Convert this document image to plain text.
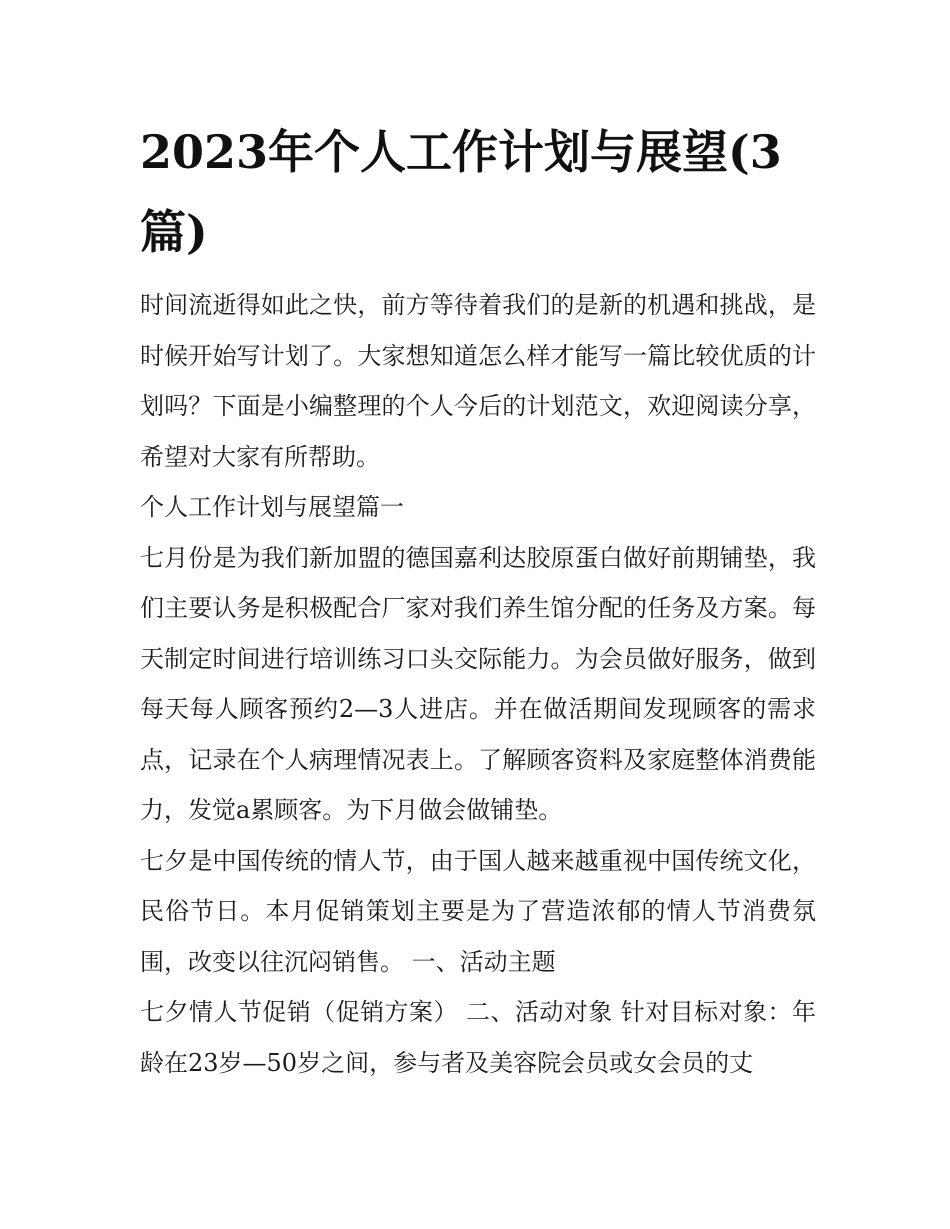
2023年个人工作计划与展望(3篇)

时间流逝得如此之快，前方等待着我们的是新的机遇和挑战，是时候开始写计划了。大家想知道怎么样才能写一篇比较优质的计划吗？下面是小编整理的个人今后的计划范文，欢迎阅读分享，希望对大家有所帮助。

个人工作计划与展望篇一

七月份是为我们新加盟的德国嘉利达胶原蛋白做好前期铺垫，我们主要认务是积极配合厂家对我们养生馆分配的任务及方案。每天制定时间进行培训练习口头交际能力。为会员做好服务，做到每天每人顾客预约2—3人进店。并在做活期间发现顾客的需求点，记录在个人病理情况表上。了解顾客资料及家庭整体消费能力，发觉a累顾客。为下月做会做铺垫。

七夕是中国传统的情人节，由于国人越来越重视中国传统文化，民俗节日。本月促销策划主要是为了营造浓郁的情人节消费氛围，改变以往沉闷销售。 一、活动主题

七夕情人节促销（促销方案） 二、活动对象 针对目标对象：年龄在23岁—50岁之间，参与者及美容院会员或女会员的丈
